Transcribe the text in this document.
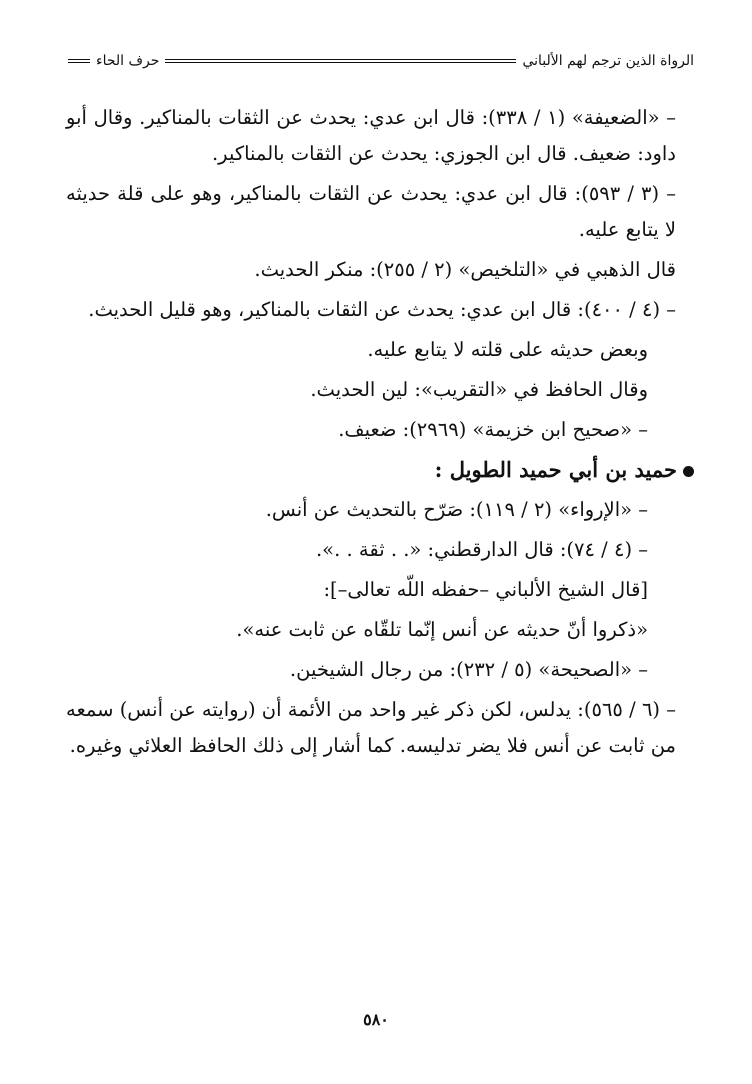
الرواة الذين ترجم لهم الألباني
حرف الحاء

– «الضعيفة» (١ / ٣٣٨): قال ابن عدي: يحدث عن الثقات بالمناكير. وقال أبو داود: ضعيف. قال ابن الجوزي: يحدث عن الثقات بالمناكير.

– (٣ / ٥٩٣): قال ابن عدي: يحدث عن الثقات بالمناكير، وهو على قلة حديثه لا يتابع عليه.

قال الذهبي في «التلخيص» (٢ / ٢٥٥): منكر الحديث.

– (٤ / ٤٠٠): قال ابن عدي: يحدث عن الثقات بالمناكير، وهو قليل الحديث.

وبعض حديثه على قلته لا يتابع عليه.

وقال الحافظ في «التقريب»: لين الحديث.

– «صحيح ابن خزيمة» (٢٩٦٩): ضعيف.

حميد بن أبي حميد الطويل :

– «الإرواء» (٢ / ١١٩): صَرّح بالتحديث عن أنس.

– (٤ / ٧٤): قال الدارقطني: «. . ثقة . .».

[قال الشيخ الألباني –حفظه اللّه تعالى–]:

«ذكروا أنّ حديثه عن أنس إنّما تلقّاه عن ثابت عنه».

– «الصحيحة» (٥ / ٢٣٢): من رجال الشيخين.

– (٦ / ٥٦٥): يدلس، لكن ذكر غير واحد من الأئمة أن (روايته عن أنس) سمعه من ثابت عن أنس فلا يضر تدليسه. كما أشار إلى ذلك الحافظ العلائي وغيره.

٥٨٠
